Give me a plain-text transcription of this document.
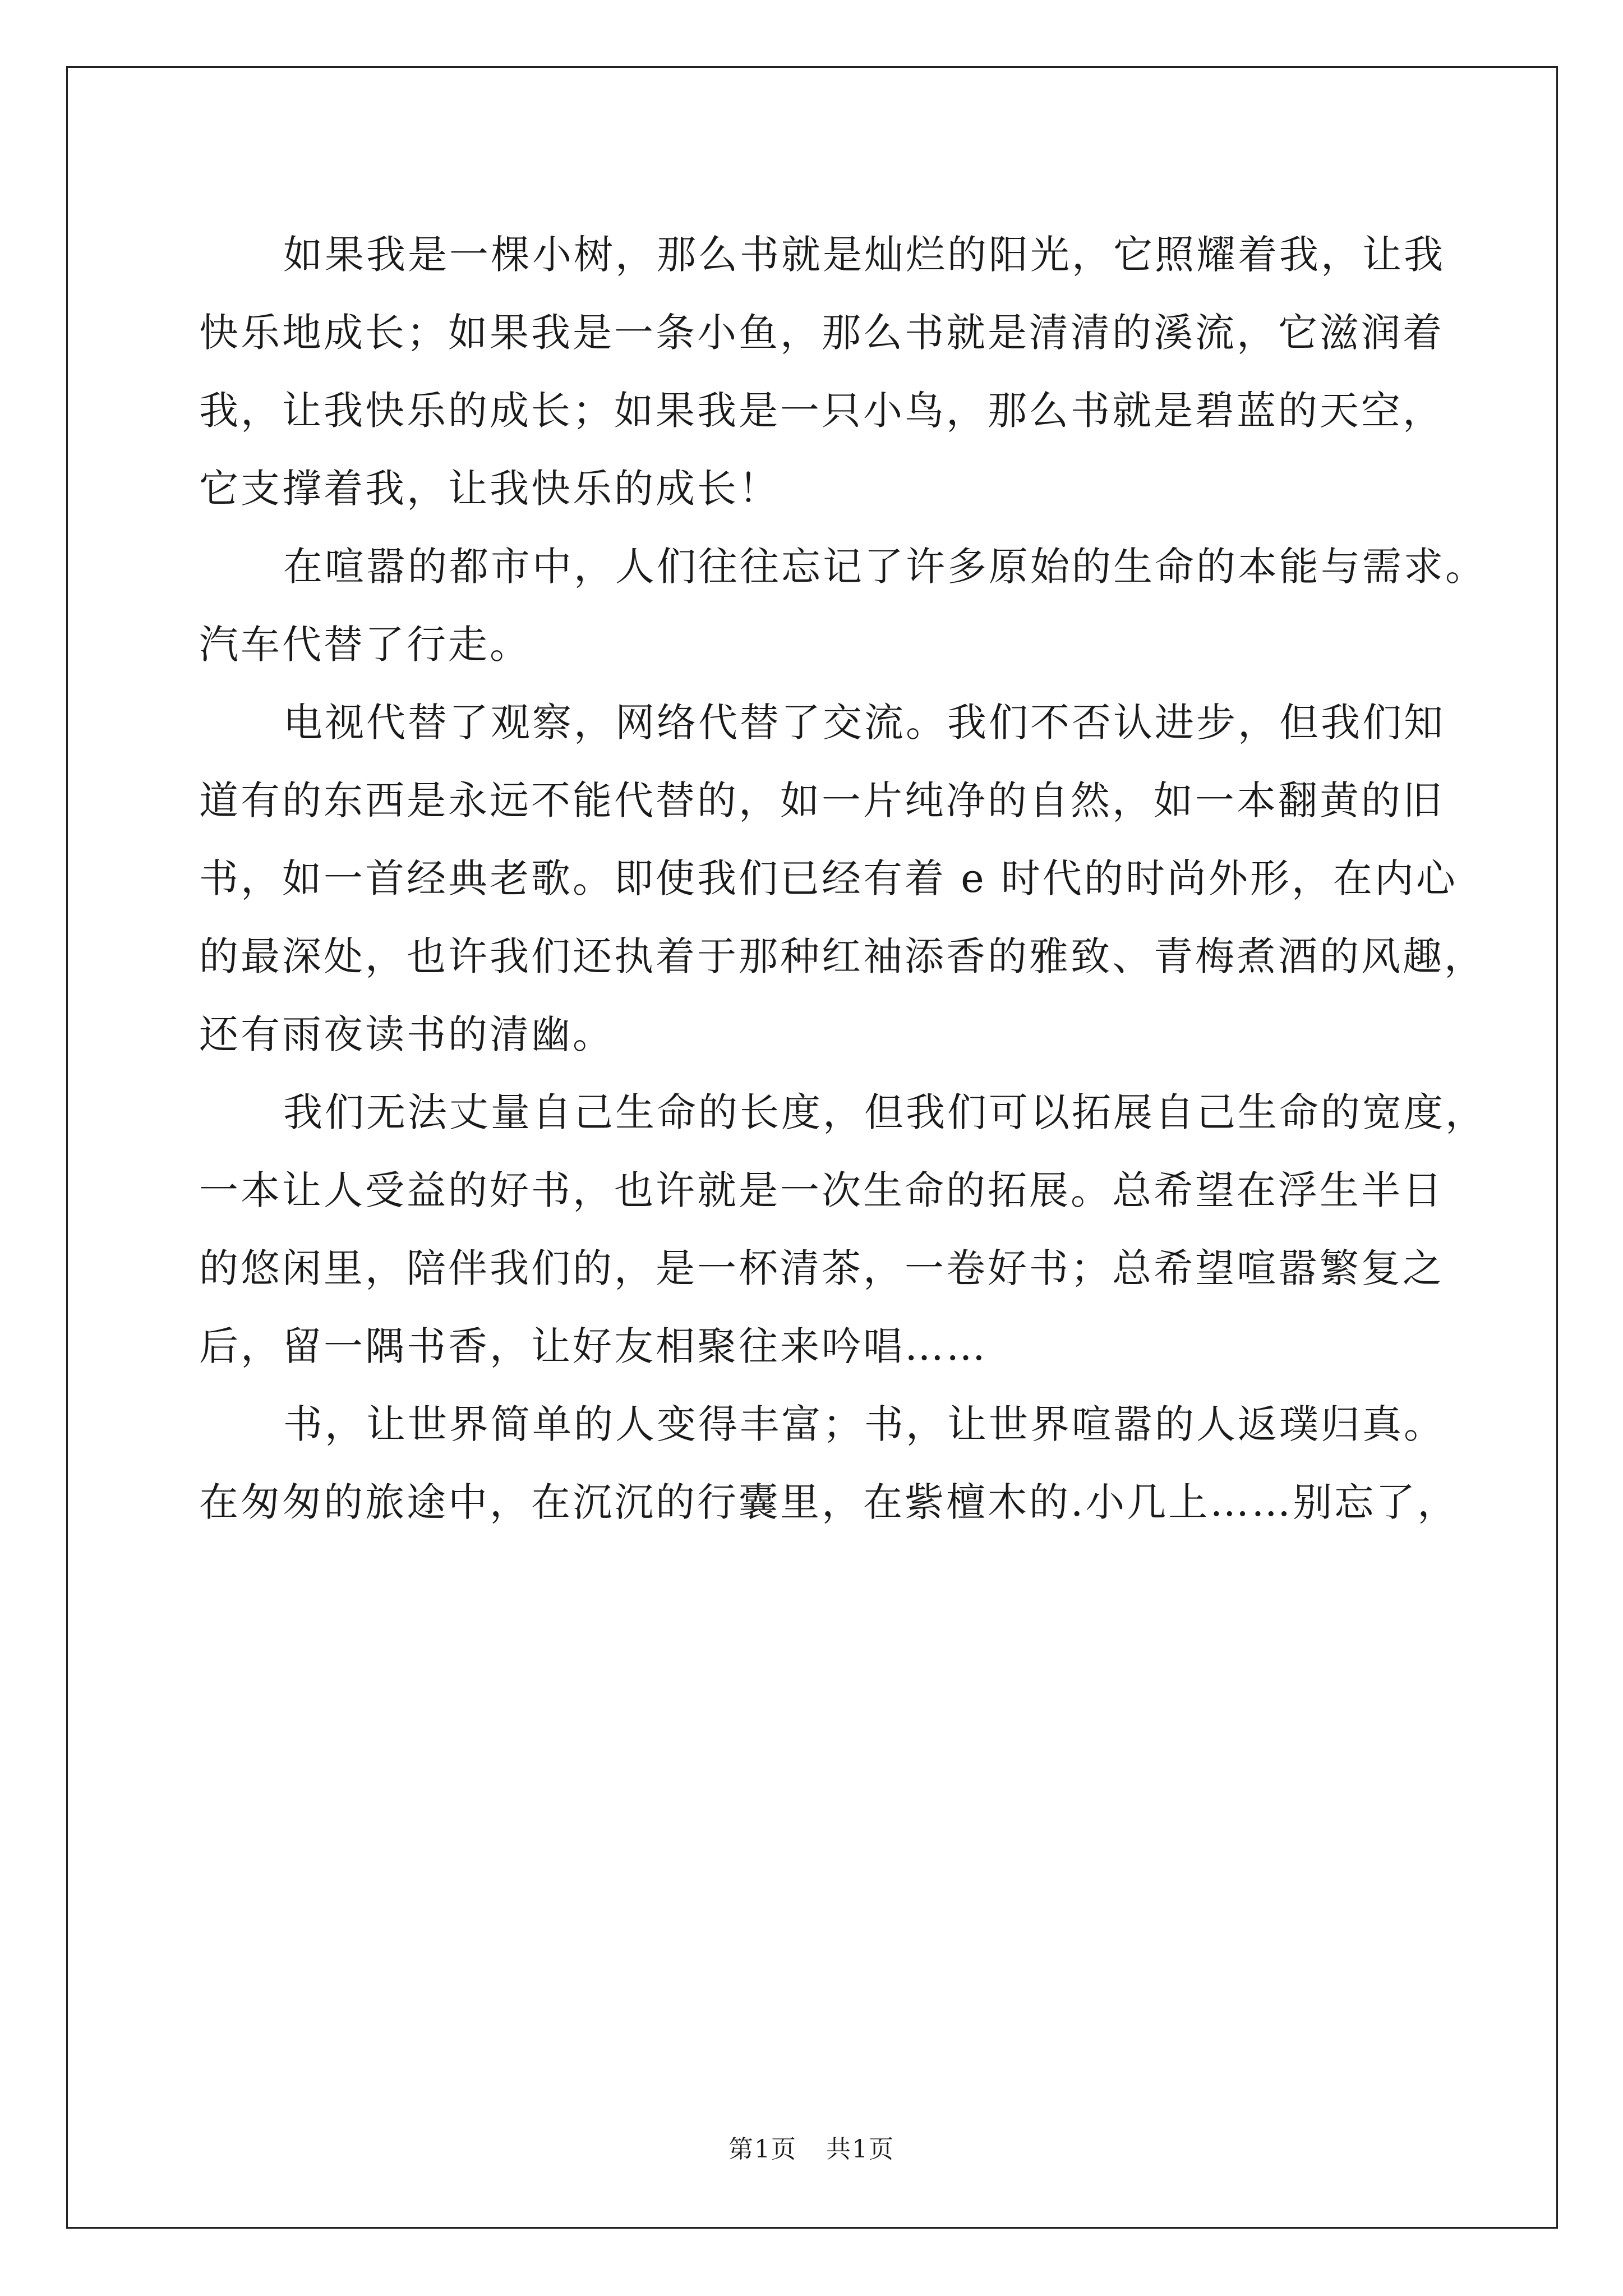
如果我是一棵小树，那么书就是灿烂的阳光，它照耀着我，让我

快乐地成长；如果我是一条小鱼，那么书就是清清的溪流，它滋润着

我，让我快乐的成长；如果我是一只小鸟，那么书就是碧蓝的天空，

它支撑着我，让我快乐的成长！

在喧嚣的都市中，人们往往忘记了许多原始的生命的本能与需求。

汽车代替了行走。

电视代替了观察，网络代替了交流。我们不否认进步，但我们知

道有的东西是永远不能代替的，如一片纯净的自然，如一本翻黄的旧

书，如一首经典老歌。即使我们已经有着 e 时代的时尚外形，在内心

的最深处，也许我们还执着于那种红袖添香的雅致、青梅煮酒的风趣，

还有雨夜读书的清幽。

我们无法丈量自己生命的长度，但我们可以拓展自己生命的宽度，

一本让人受益的好书，也许就是一次生命的拓展。总希望在浮生半日

的悠闲里，陪伴我们的，是一杯清茶，一卷好书；总希望喧嚣繁复之

后，留一隅书香，让好友相聚往来吟唱……

书，让世界简单的人变得丰富；书，让世界喧嚣的人返璞归真。

在匆匆的旅途中，在沉沉的行囊里，在紫檀木的.小几上……别忘了，

第1页 共1页
